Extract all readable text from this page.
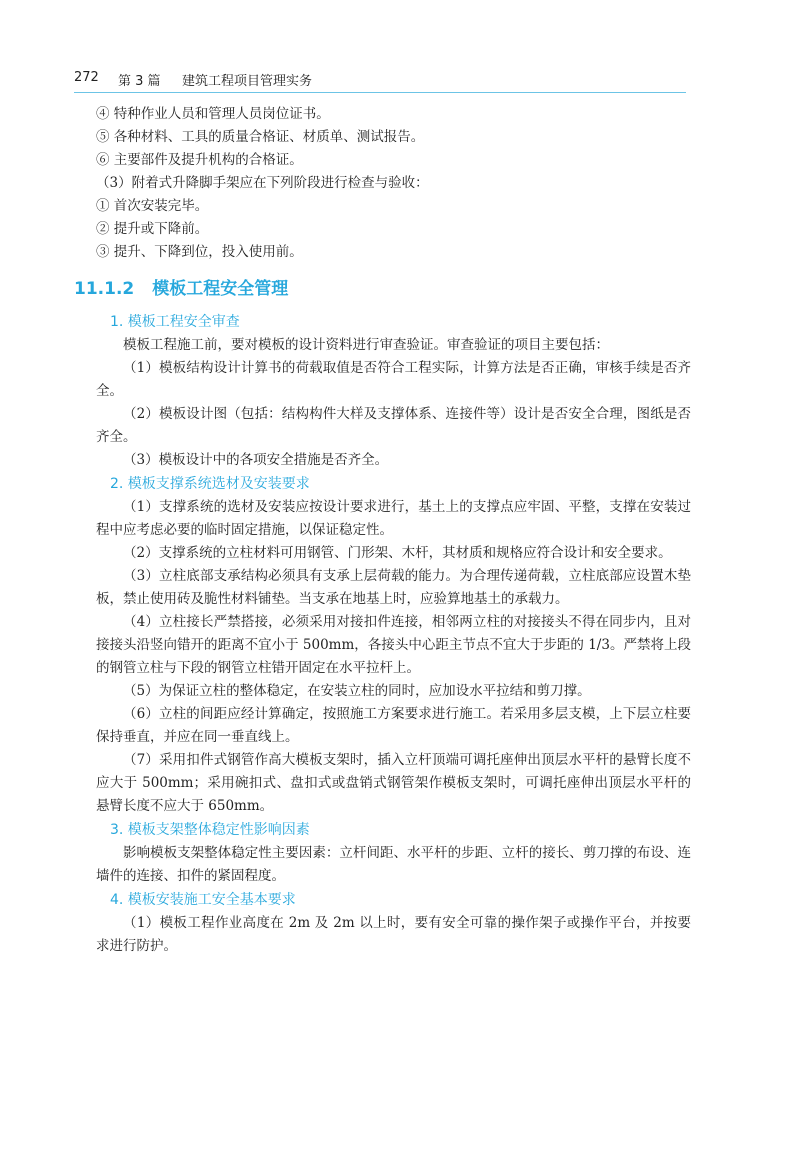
272 第 3 篇 建筑工程项目管理实务

④ 特种作业人员和管理人员岗位证书。

⑤ 各种材料、工具的质量合格证、材质单、测试报告。

⑥ 主要部件及提升机构的合格证。

（3）附着式升降脚手架应在下列阶段进行检查与验收：

① 首次安装完毕。

② 提升或下降前。

③ 提升、下降到位，投入使用前。

11.1.2 模板工程安全管理
1. 模板工程安全审查

模板工程施工前，要对模板的设计资料进行审查验证。审查验证的项目主要包括：

（1）模板结构设计计算书的荷载取值是否符合工程实际，计算方法是否正确，审核手续是否齐全。

（2）模板设计图（包括：结构构件大样及支撑体系、连接件等）设计是否安全合理，图纸是否齐全。

（3）模板设计中的各项安全措施是否齐全。

2. 模板支撑系统选材及安装要求

（1）支撑系统的选材及安装应按设计要求进行，基土上的支撑点应牢固、平整，支撑在安装过程中应考虑必要的临时固定措施，以保证稳定性。

（2）支撑系统的立柱材料可用钢管、门形架、木杆，其材质和规格应符合设计和安全要求。

（3）立柱底部支承结构必须具有支承上层荷载的能力。为合理传递荷载，立柱底部应设置木垫板，禁止使用砖及脆性材料铺垫。当支承在地基上时，应验算地基土的承载力。

（4）立柱接长严禁搭接，必须采用对接扣件连接，相邻两立柱的对接接头不得在同步内，且对接接头沿竖向错开的距离不宜小于 500mm，各接头中心距主节点不宜大于步距的 1/3。严禁将上段的钢管立柱与下段的钢管立柱错开固定在水平拉杆上。

（5）为保证立柱的整体稳定，在安装立柱的同时，应加设水平拉结和剪刀撑。

（6）立柱的间距应经计算确定，按照施工方案要求进行施工。若采用多层支模，上下层立柱要保持垂直，并应在同一垂直线上。

（7）采用扣件式钢管作高大模板支架时，插入立杆顶端可调托座伸出顶层水平杆的悬臂长度不应大于 500mm；采用碗扣式、盘扣式或盘销式钢管架作模板支架时，可调托座伸出顶层水平杆的悬臂长度不应大于 650mm。

3. 模板支架整体稳定性影响因素

影响模板支架整体稳定性主要因素：立杆间距、水平杆的步距、立杆的接长、剪刀撑的布设、连墙件的连接、扣件的紧固程度。

4. 模板安装施工安全基本要求

（1）模板工程作业高度在 2m 及 2m 以上时，要有安全可靠的操作架子或操作平台，并按要求进行防护。
